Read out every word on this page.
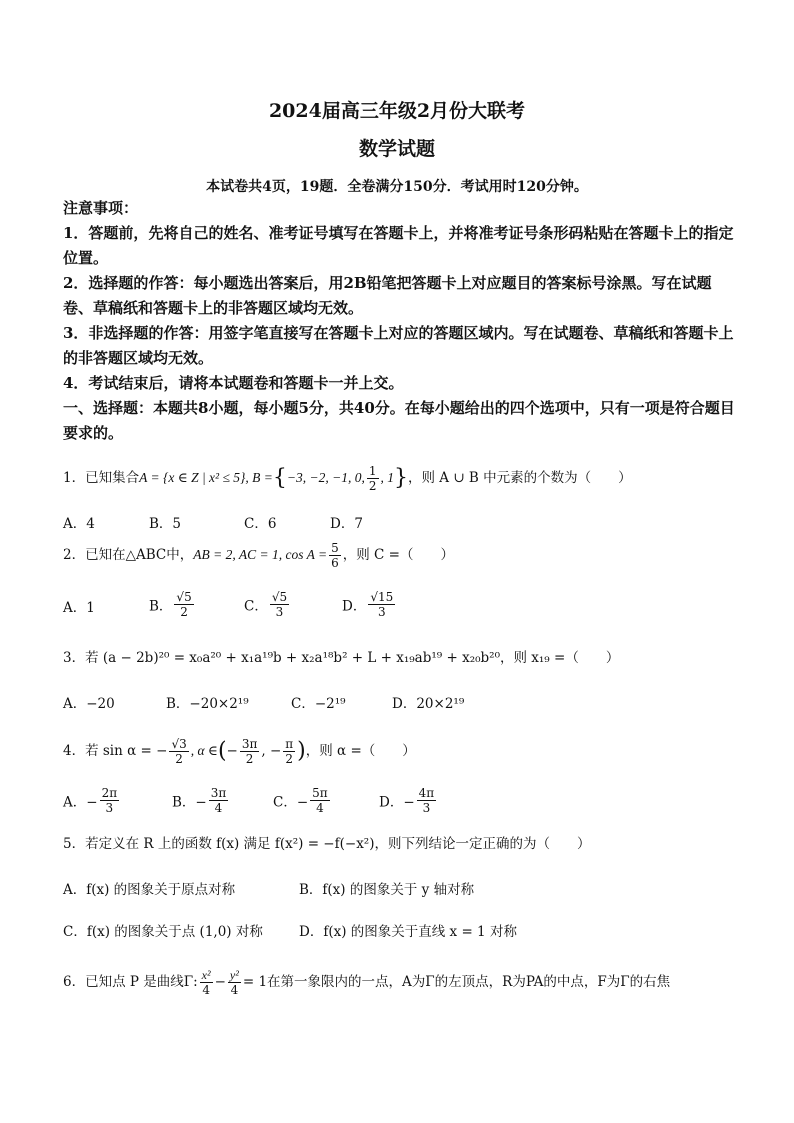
2024届高三年级2月份大联考
数学试题
本试卷共4页，19题．全卷满分150分．考试用时120分钟。
注意事项：
1．答题前，先将自己的姓名、准考证号填写在答题卡上，并将准考证号条形码粘贴在答题卡上的指定位置。
2．选择题的作答：每小题选出答案后，用2B铅笔把答题卡上对应题目的答案标号涂黑。写在试题卷、草稿纸和答题卡上的非答题区域均无效。
3．非选择题的作答：用签字笔直接写在答题卡上对应的答题区域内。写在试题卷、草稿纸和答题卡上的非答题区域均无效。
4．考试结束后，请将本试题卷和答题卡一并上交。
一、选择题：本题共8小题，每小题5分，共40分。在每小题给出的四个选项中，只有一项是符合题目要求的。
1．已知集合A = {x ∈ Z | x² ≤ 5}, B ={−3, −2, −1, 0, $\frac{1}{2}$ , 1}，则 A ∪ B 中元素的个数为（　　）
A．4	B．5	C．6	D．7
2．已知在△ABC中，AB = 2, AC = 1, $\cos A = \frac{5}{6}$ ，则 C =（　　）
A．1	B． $\frac{√5}{2}$	C． $\frac{√5}{3}$	D． $\frac{√15}{3}$
3．若 (a − 2b)²⁰ = x₀a²⁰ + x₁a¹⁹b + x₂a¹⁸b² + L + x₁₉ab¹⁹ + x₂₀b²⁰，则 x₁₉ =（　　）
A．−20	B．−20×2¹⁹	C．−2¹⁹	D．20×2¹⁹
4．若 sin α = − $\frac{√3}{2}$ , α ∈(− $\frac{3\pi}{2}$ , − $\frac{\pi}{2}$ )，则 α =（　　）
A．− $\frac{2\pi}{3}$	B．− $\frac{3\pi}{4}$	C．− $\frac{5\pi}{4}$	D．− $\frac{4\pi}{3}$
5．若定义在 R 上的函数 f(x) 满足 f(x²) = −f(−x²)，则下列结论一定正确的为（　　）
A．f(x) 的图象关于原点对称	B．f(x) 的图象关于 y 轴对称
C．f(x) 的图象关于点 (1,0) 对称	D．f(x) 的图象关于直线 x = 1 对称
6．已知点 P 是曲线Γ: $\frac{\text{x²}}{4} - \frac{\text{y²}}{4} = 1$在第一象限内的一点，A为Γ的左顶点，R为PA的中点，F为Γ的右焦
